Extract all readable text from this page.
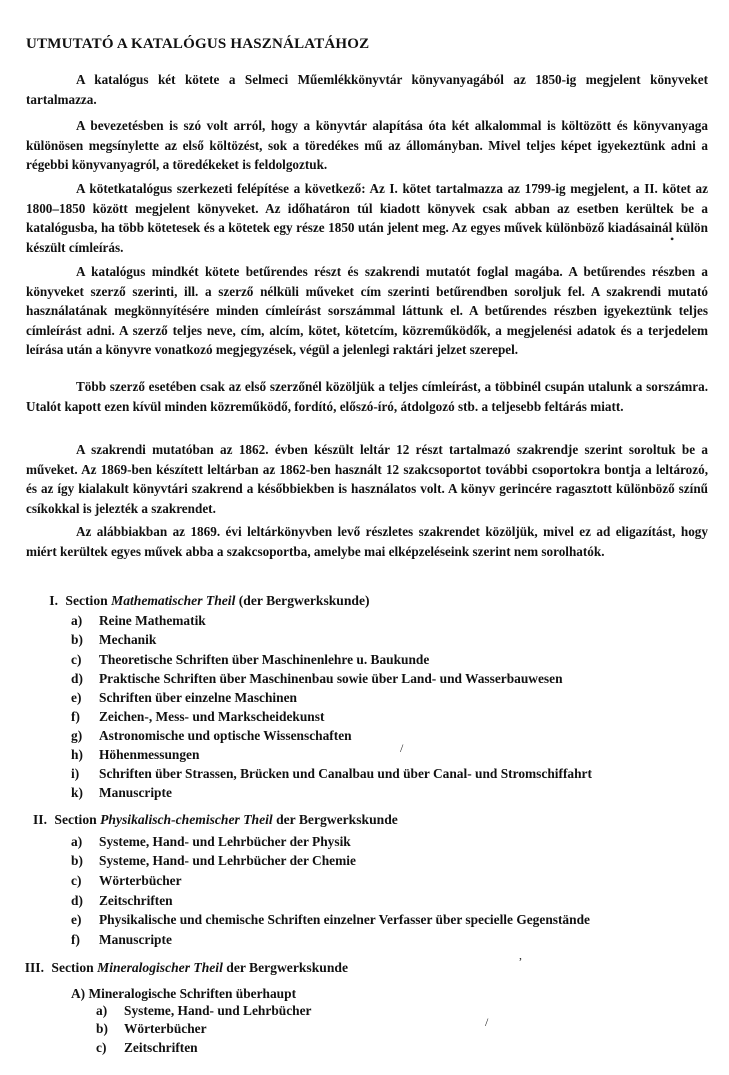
UTMUTATÓ A KATALÓGUS HASZNÁLATÁHOZ
A katalógus két kötete a Selmeci Műemlékkönyvtár könyvanyagából az 1850-ig megjelent könyveket tartalmazza.
A bevezetésben is szó volt arról, hogy a könyvtár alapítása óta két alkalommal is költözött és könyvanyaga különösen megsínylette az első költözést, sok a töredékes mű az állományban. Mivel teljes képet igyekeztünk adni a régebbi könyvanyagról, a töredékeket is feldolgoztuk.
A kötetkatalógus szerkezeti felépítése a következő: Az I. kötet tartalmazza az 1799-ig megjelent, a II. kötet az 1800–1850 között megjelent könyveket. Az időhatáron túl kiadott könyvek csak abban az esetben kerültek be a katalógusba, ha több kötetesek és a kötetek egy része 1850 után jelent meg. Az egyes művek különböző kiadásainál külön készült címleírás.
A katalógus mindkét kötete betűrendes részt és szakrendi mutatót foglal magába. A betűrendes részben a könyveket szerző szerinti, ill. a szerző nélküli műveket cím szerinti betűrendben soroljuk fel. A szakrendi mutató használatának megkönnyítésére minden címleírást sorszámmal láttunk el. A betűrendes részben igyekeztünk teljes címleírást adni. A szerző teljes neve, cím, alcím, kötet, kötetcím, közreműködők, a megjelenési adatok és a terjedelem leírása után a könyvre vonatkozó megjegyzések, végül a jelenlegi raktári jelzet szerepel.
Több szerző esetében csak az első szerzőnél közöljük a teljes címleírást, a többinél csupán utalunk a sorszámra. Utalót kapott ezen kívül minden közreműködő, fordító, előszó-író, átdolgozó stb. a teljesebb feltárás miatt.
A szakrendi mutatóban az 1862. évben készült leltár 12 részt tartalmazó szakrendje szerint soroltuk be a műveket. Az 1869-ben készített leltárban az 1862-ben használt 12 szakcsoportot további csoportokra bontja a leltározó, és az így kialakult könyvtári szakrend a későbbiekben is használatos volt. A könyv gerincére ragasztott különböző színű csíkokkal is jelezték a szakrendet.
Az alábbiakban az 1869. évi leltárkönyvben levő részletes szakrendet közöljük, mivel ez ad eligazítást, hogy miért kerültek egyes művek abba a szakcsoportba, amelybe mai elképzeléseink szerint nem sorolhatók.
I. Section Mathematischer Theil (der Bergwerkskunde)
a) Reine Mathematik
b) Mechanik
c) Theoretische Schriften über Maschinenlehre u. Baukunde
d) Praktische Schriften über Maschinenbau sowie über Land- und Wasserbauwesen
e) Schriften über einzelne Maschinen
f) Zeichen-, Mess- und Markscheidekunst
g) Astronomische und optische Wissenschaften
h) Höhenmessungen
i) Schriften über Strassen, Brücken und Canalbau und über Canal- und Stromschiffahrt
k) Manuscripte
II. Section Physikalisch-chemischer Theil der Bergwerkskunde
a) Systeme, Hand- und Lehrbücher der Physik
b) Systeme, Hand- und Lehrbücher der Chemie
c) Wörterbücher
d) Zeitschriften
e) Physikalische und chemische Schriften einzelner Verfasser über specielle Gegenstände
f) Manuscripte
III. Section Mineralogischer Theil der Bergwerkskunde
A) Mineralogische Schriften überhaupt
a) Systeme, Hand- und Lehrbücher
b) Wörterbücher
c) Zeitschriften
•
/
,
/
